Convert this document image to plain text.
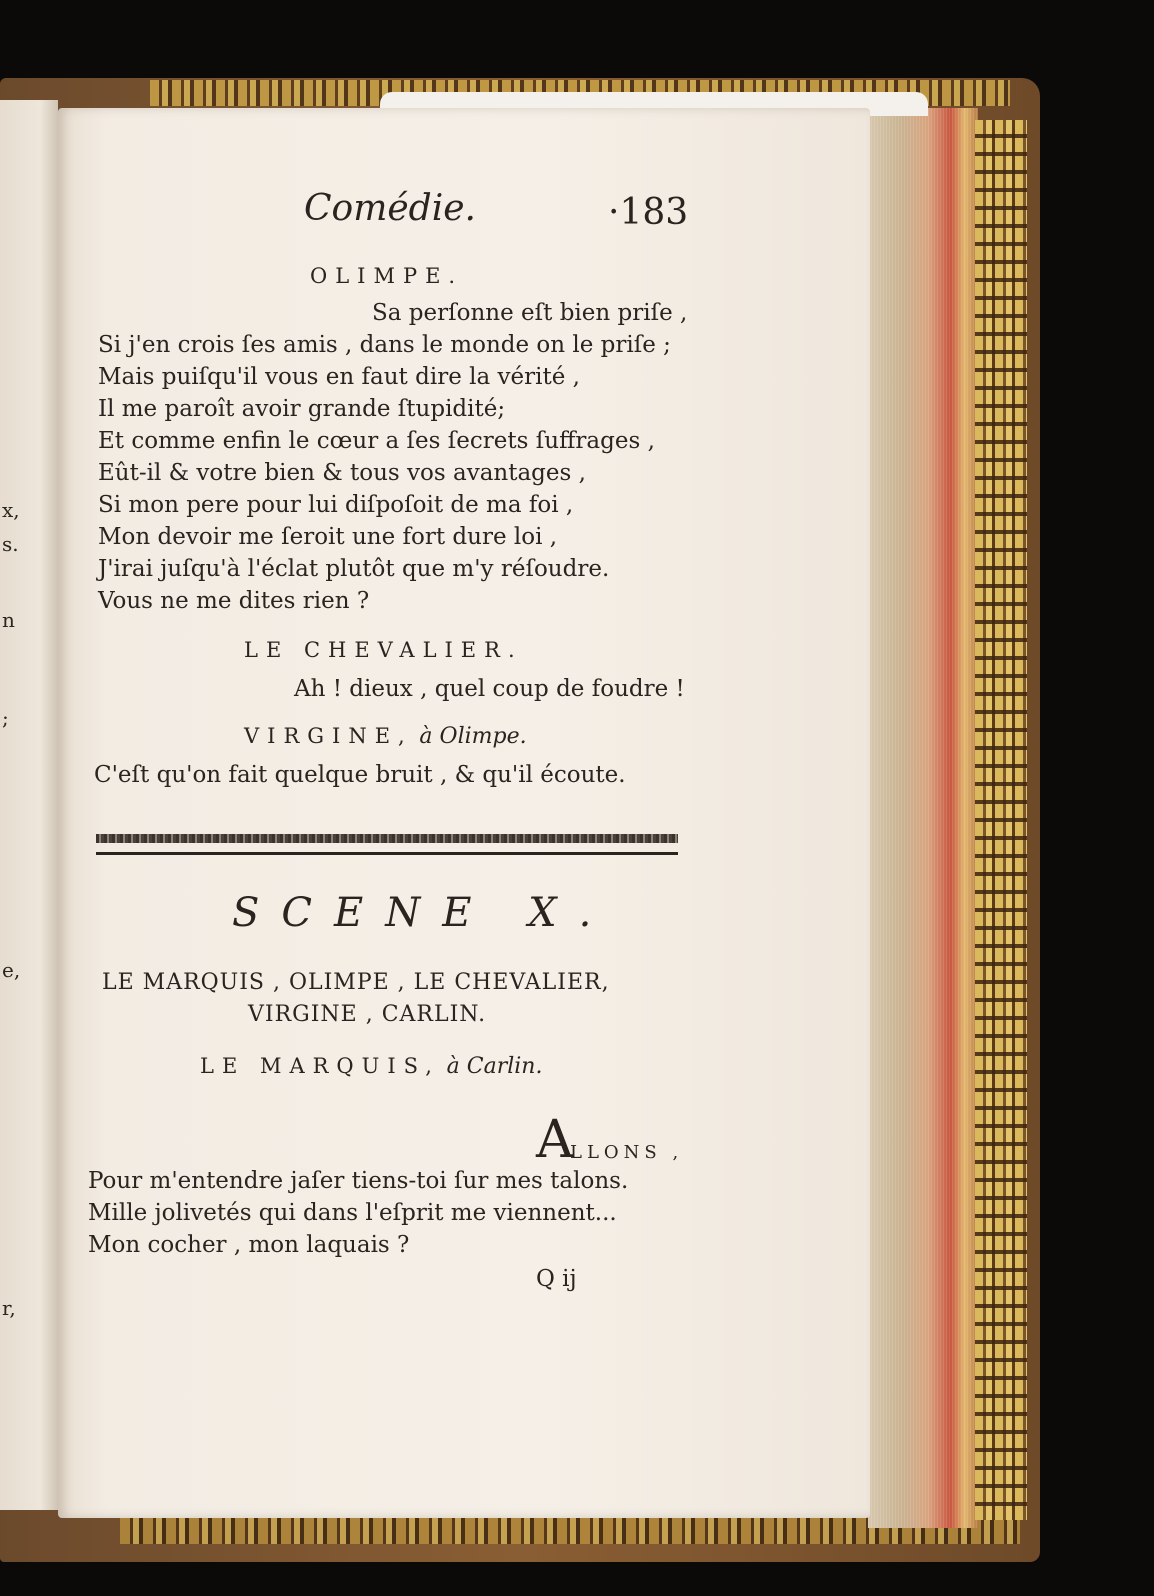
x,
s.
n
;
e,
r,
Comédie.	·183
OLIMPE.
Sa perſonne eſt bien priſe ,
Si j'en crois ſes amis , dans le monde on le priſe ;
Mais puiſqu'il vous en faut dire la vérité ,
Il me paroît avoir grande ſtupidité;
Et comme enfin le cœur a ſes ſecrets ſuffrages ,
Eût-il & votre bien & tous vos avantages ,
Si mon pere pour lui diſpoſoit de ma foi ,
Mon devoir me ſeroit une fort dure loi ,
J'irai juſqu'à l'éclat plutôt que m'y réſoudre.
Vous ne me dites rien ?
LE CHEVALIER.
Ah ! dieux , quel coup de foudre !
VIRGINE, à Olimpe.
C'eſt qu'on fait quelque bruit , & qu'il écoute.
SCENE X.
LE MARQUIS , OLIMPE , LE CHEVALIER,
VIRGINE , CARLIN.
LE MARQUIS, à Carlin.
A
LLONS ,
Pour m'entendre jaſer tiens-toi ſur mes talons.
Mille jolivetés qui dans l'eſprit me viennent...
Mon cocher , mon laquais ?
Q ij
